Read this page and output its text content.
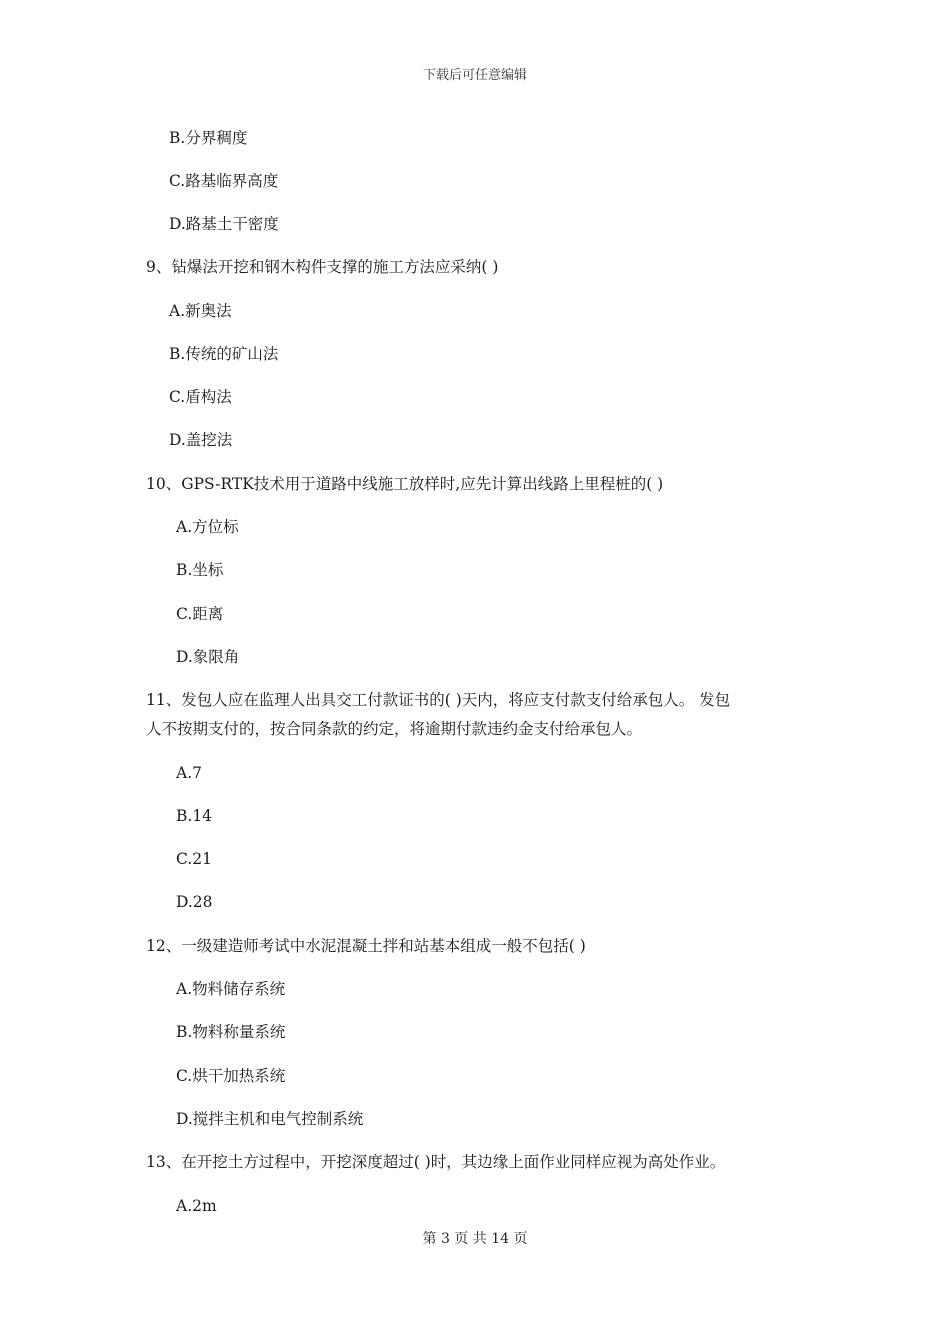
下载后可任意编辑
B.分界稠度
C.路基临界高度
D.路基土干密度
9、钻爆法开挖和钢木构件支撑的施工方法应采纳( )
A.新奥法
B.传统的矿山法
C.盾构法
D.盖挖法
10、GPS-RTK技术用于道路中线施工放样时,应先计算出线路上里程桩的( )
A.方位标
B.坐标
C.距离
D.象限角
11、发包人应在监理人出具交工付款证书的( )天内，将应支付款支付给承包人。 发包
人不按期支付的，按合同条款的约定，将逾期付款违约金支付给承包人。
A.7
B.14
C.21
D.28
12、一级建造师考试中水泥混凝土拌和站基本组成一般不包括( )
A.物料储存系统
B.物料称量系统
C.烘干加热系统
D.搅拌主机和电气控制系统
13、在开挖土方过程中，开挖深度超过( )时，其边缘上面作业同样应视为高处作业。
A.2m
第 3 页 共 14 页
